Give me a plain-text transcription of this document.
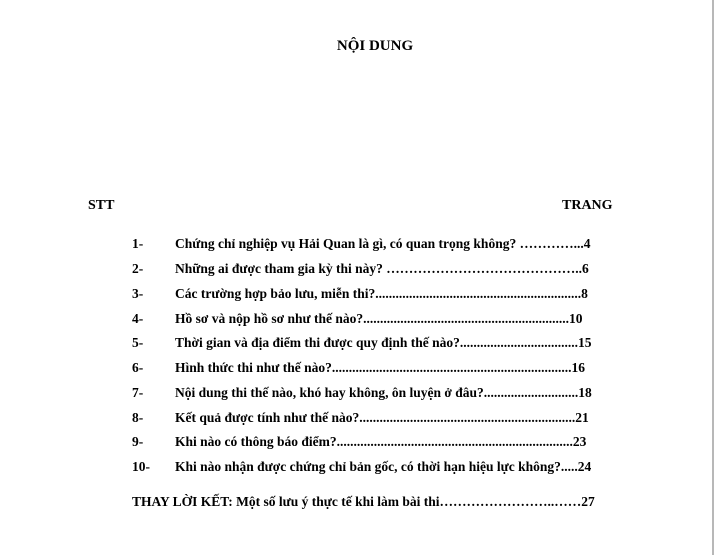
NỘI DUNG
STT	TRANG
1- Chứng chỉ nghiệp vụ Hải Quan là gì, có quan trọng không? …………...4
2- Những ai được tham gia kỳ thi này? ……………………………………..6
3- Các trường hợp bảo lưu, miễn thi?.............................................................8
4- Hồ sơ và nộp hồ sơ như thế nào?.............................................................10
5- Thời gian và địa điểm thi được quy định thế nào?...................................15
6- Hình thức thi như thế nào?.......................................................................16
7- Nội dung thi thế nào, khó hay không, ôn luyện ở đâu?............................18
8- Kết quả được tính như thế nào?................................................................21
9- Khi nào có thông báo điểm?......................................................................23
10- Khi nào nhận được chứng chỉ bản gốc, có thời hạn hiệu lực không?.....24
THAY LỜI KẾT: Một số lưu ý thực tế khi làm bài thi……………………..……27
